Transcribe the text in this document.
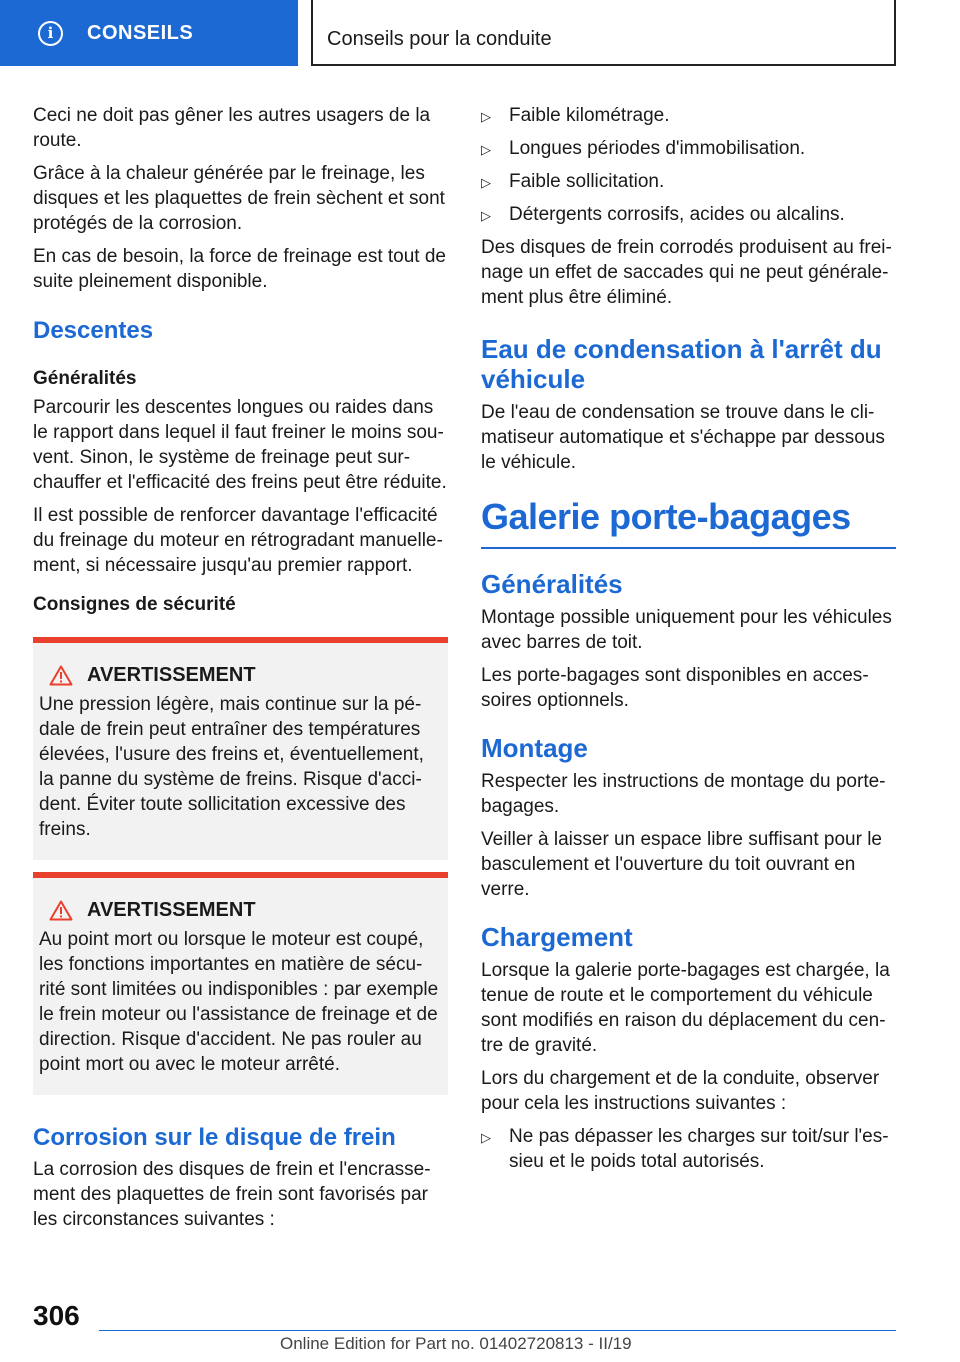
i	CONSEILS	Conseils pour la conduite

Ceci ne doit pas gêner les autres usagers de la route.

Grâce à la chaleur générée par le freinage, les disques et les plaquettes de frein sèchent et sont protégés de la corrosion.

En cas de besoin, la force de freinage est tout de suite pleinement disponible.

Descentes
Généralités

Parcourir les descentes longues ou raides dans le rapport dans lequel il faut freiner le moins souvent. Sinon, le système de freinage peut surchauffer et l'efficacité des freins peut être réduite.

Il est possible de renforcer davantage l'efficacité du freinage du moteur en rétrogradant manuellement, si nécessaire jusqu'au premier rapport.

Consignes de sécurité
AVERTISSEMENT
Une pression légère, mais continue sur la pédale de frein peut entraîner des températures élevées, l'usure des freins et, éventuellement, la panne du système de freins. Risque d'accident. Éviter toute sollicitation excessive des freins.
AVERTISSEMENT
Au point mort ou lorsque le moteur est coupé, les fonctions importantes en matière de sécurité sont limitées ou indisponibles : par exemple le frein moteur ou l'assistance de freinage et de direction. Risque d'accident. Ne pas rouler au point mort ou avec le moteur arrêté.
Corrosion sur le disque de frein

La corrosion des disques de frein et l'encrassement des plaquettes de frein sont favorisés par les circonstances suivantes :

▷ Faible kilométrage.
▷ Longues périodes d'immobilisation.
▷ Faible sollicitation.
▷ Détergents corrosifs, acides ou alcalins.

Des disques de frein corrodés produisent au freinage un effet de saccades qui ne peut généralement plus être éliminé.

Eau de condensation à l'arrêt du véhicule

De l'eau de condensation se trouve dans le climatiseur automatique et s'échappe par dessous le véhicule.

Galerie porte-bagages
Généralités

Montage possible uniquement pour les véhicules avec barres de toit.

Les porte-bagages sont disponibles en accessoires optionnels.

Montage

Respecter les instructions de montage du porte-bagages.

Veiller à laisser un espace libre suffisant pour le basculement et l'ouverture du toit ouvrant en verre.

Chargement

Lorsque la galerie porte-bagages est chargée, la tenue de route et le comportement du véhicule sont modifiés en raison du déplacement du centre de gravité.

Lors du chargement et de la conduite, observer pour cela les instructions suivantes :

▷ Ne pas dépasser les charges sur toit/sur l'essieu et le poids total autorisés.
306
Online Edition for Part no. 01402720813 - II/19
